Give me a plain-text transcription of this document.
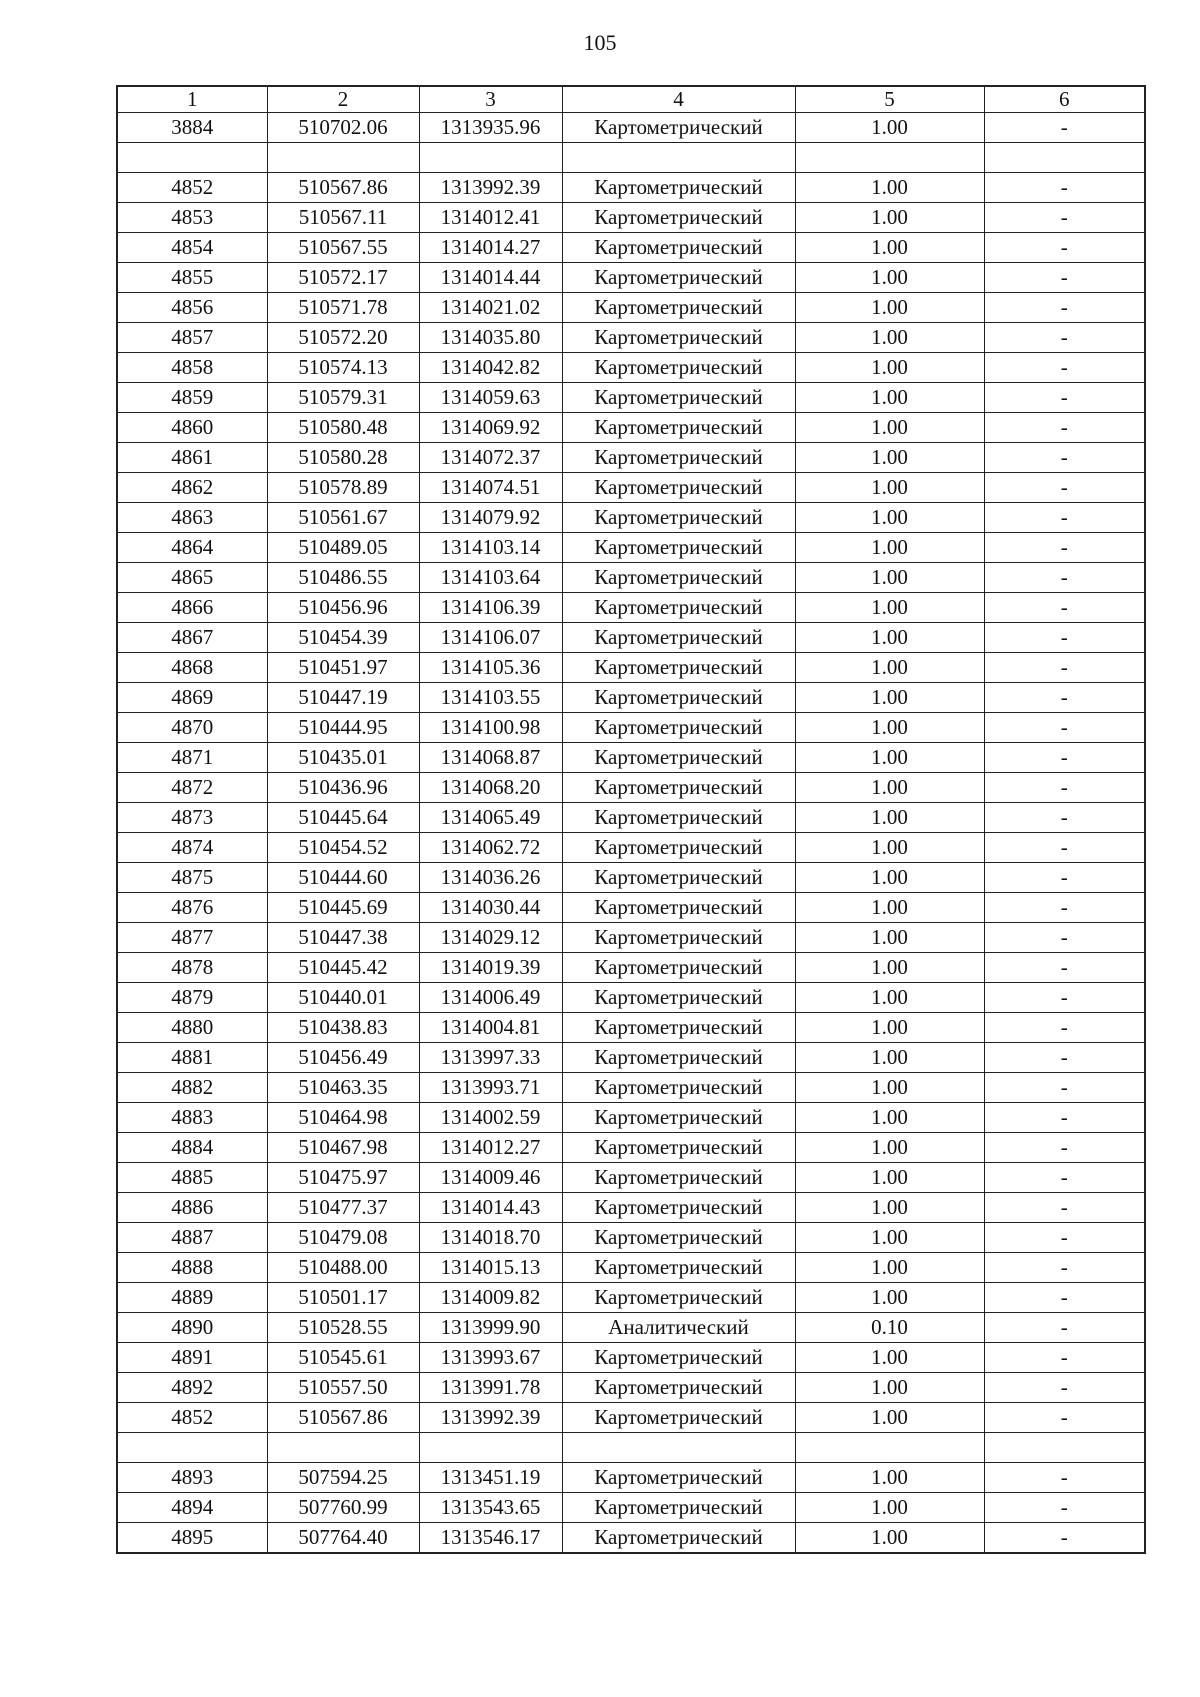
105
1	2	3	4	5	6
3884	510702.06	1313935.96	Картометрический	1.00	-

4852	510567.86	1313992.39	Картометрический	1.00	-
4853	510567.11	1314012.41	Картометрический	1.00	-
4854	510567.55	1314014.27	Картометрический	1.00	-
4855	510572.17	1314014.44	Картометрический	1.00	-
4856	510571.78	1314021.02	Картометрический	1.00	-
4857	510572.20	1314035.80	Картометрический	1.00	-
4858	510574.13	1314042.82	Картометрический	1.00	-
4859	510579.31	1314059.63	Картометрический	1.00	-
4860	510580.48	1314069.92	Картометрический	1.00	-
4861	510580.28	1314072.37	Картометрический	1.00	-
4862	510578.89	1314074.51	Картометрический	1.00	-
4863	510561.67	1314079.92	Картометрический	1.00	-
4864	510489.05	1314103.14	Картометрический	1.00	-
4865	510486.55	1314103.64	Картометрический	1.00	-
4866	510456.96	1314106.39	Картометрический	1.00	-
4867	510454.39	1314106.07	Картометрический	1.00	-
4868	510451.97	1314105.36	Картометрический	1.00	-
4869	510447.19	1314103.55	Картометрический	1.00	-
4870	510444.95	1314100.98	Картометрический	1.00	-
4871	510435.01	1314068.87	Картометрический	1.00	-
4872	510436.96	1314068.20	Картометрический	1.00	-
4873	510445.64	1314065.49	Картометрический	1.00	-
4874	510454.52	1314062.72	Картометрический	1.00	-
4875	510444.60	1314036.26	Картометрический	1.00	-
4876	510445.69	1314030.44	Картометрический	1.00	-
4877	510447.38	1314029.12	Картометрический	1.00	-
4878	510445.42	1314019.39	Картометрический	1.00	-
4879	510440.01	1314006.49	Картометрический	1.00	-
4880	510438.83	1314004.81	Картометрический	1.00	-
4881	510456.49	1313997.33	Картометрический	1.00	-
4882	510463.35	1313993.71	Картометрический	1.00	-
4883	510464.98	1314002.59	Картометрический	1.00	-
4884	510467.98	1314012.27	Картометрический	1.00	-
4885	510475.97	1314009.46	Картометрический	1.00	-
4886	510477.37	1314014.43	Картометрический	1.00	-
4887	510479.08	1314018.70	Картометрический	1.00	-
4888	510488.00	1314015.13	Картометрический	1.00	-
4889	510501.17	1314009.82	Картометрический	1.00	-
4890	510528.55	1313999.90	Аналитический	0.10	-
4891	510545.61	1313993.67	Картометрический	1.00	-
4892	510557.50	1313991.78	Картометрический	1.00	-
4852	510567.86	1313992.39	Картометрический	1.00	-

4893	507594.25	1313451.19	Картометрический	1.00	-
4894	507760.99	1313543.65	Картометрический	1.00	-
4895	507764.40	1313546.17	Картометрический	1.00	-
